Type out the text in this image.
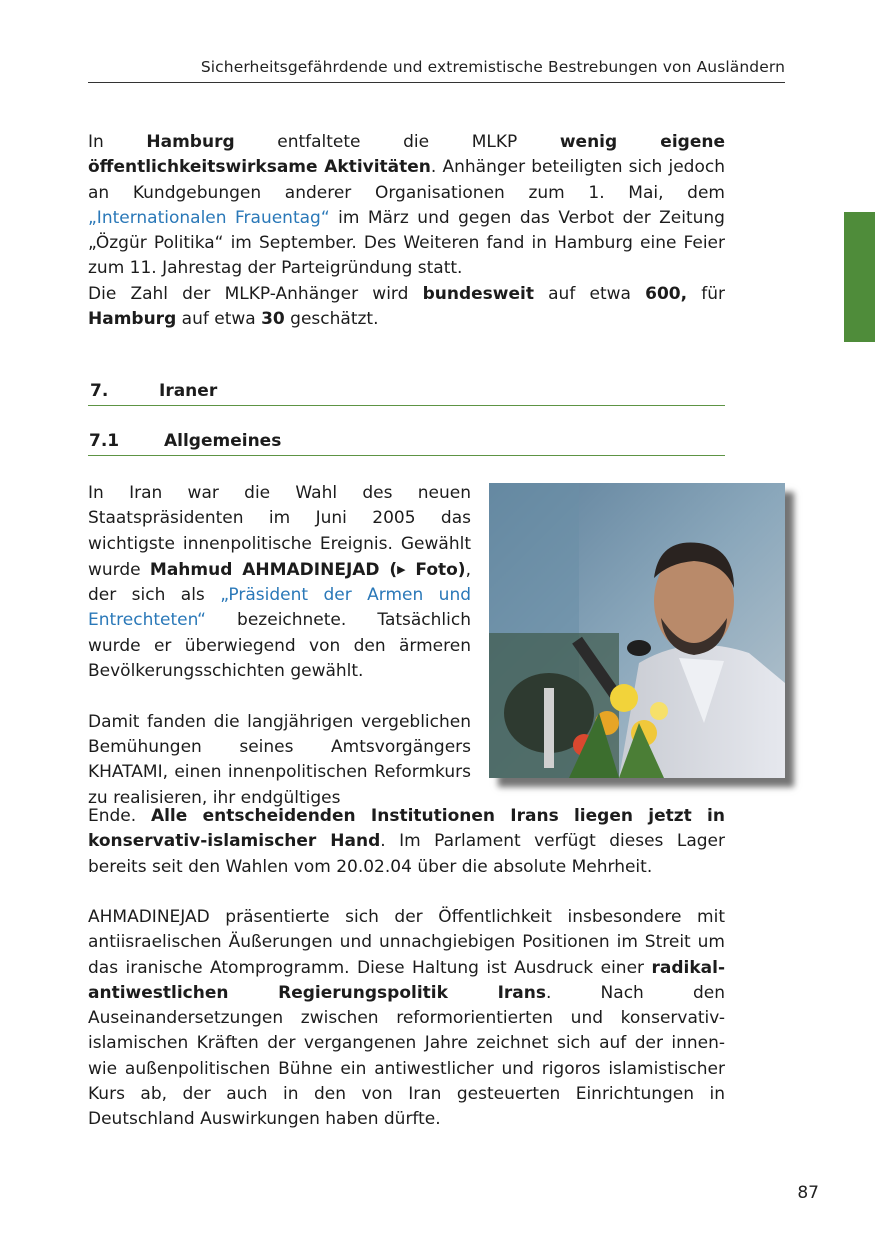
Sicherheitsgefährdende und extremistische Bestrebungen von Ausländern

In Hamburg entfaltete die MLKP wenig eigene öffentlichkeitswirksame Aktivitäten. Anhänger beteiligten sich jedoch an Kundgebungen anderer Organisationen zum 1. Mai, dem „Internationalen Frauentag“ im März und gegen das Verbot der Zeitung „Özgür Politika“ im September. Des Weiteren fand in Hamburg eine Feier zum 11. Jahrestag der Parteigründung statt.
Die Zahl der MLKP-Anhänger wird bundesweit auf etwa 600, für Hamburg auf etwa 30 geschätzt.

7.	Iraner
7.1	Allgemeines

In Iran war die Wahl des neuen Staatspräsidenten im Juni 2005 das wichtigste innenpolitische Ereignis. Gewählt wurde Mahmud AHMADINEJAD (▶ Foto), der sich als „Präsident der Armen und Entrechteten“ bezeichnete. Tatsächlich wurde er überwiegend von den ärmeren Bevölkerungsschichten gewählt.

Damit fanden die langjährigen vergeblichen Bemühungen seines Amtsvorgängers KHATAMI, einen innenpolitischen Reformkurs zu realisieren, ihr endgültiges

Ende. Alle entscheidenden Institutionen Irans liegen jetzt in konservativ-islamischer Hand. Im Parlament verfügt dieses Lager bereits seit den Wahlen vom 20.02.04 über die absolute Mehrheit.

AHMADINEJAD präsentierte sich der Öffentlichkeit insbesondere mit antiisraelischen Äußerungen und unnachgiebigen Positionen im Streit um das iranische Atomprogramm. Diese Haltung ist Ausdruck einer radikal-antiwestlichen Regierungspolitik Irans. Nach den Auseinandersetzungen zwischen reformorientierten und konservativ-islamischen Kräften der vergangenen Jahre zeichnet sich auf der innen- wie außenpolitischen Bühne ein antiwestlicher und rigoros islamistischer Kurs ab, der auch in den von Iran gesteuerten Einrichtungen in Deutschland Auswirkungen haben dürfte.

87
